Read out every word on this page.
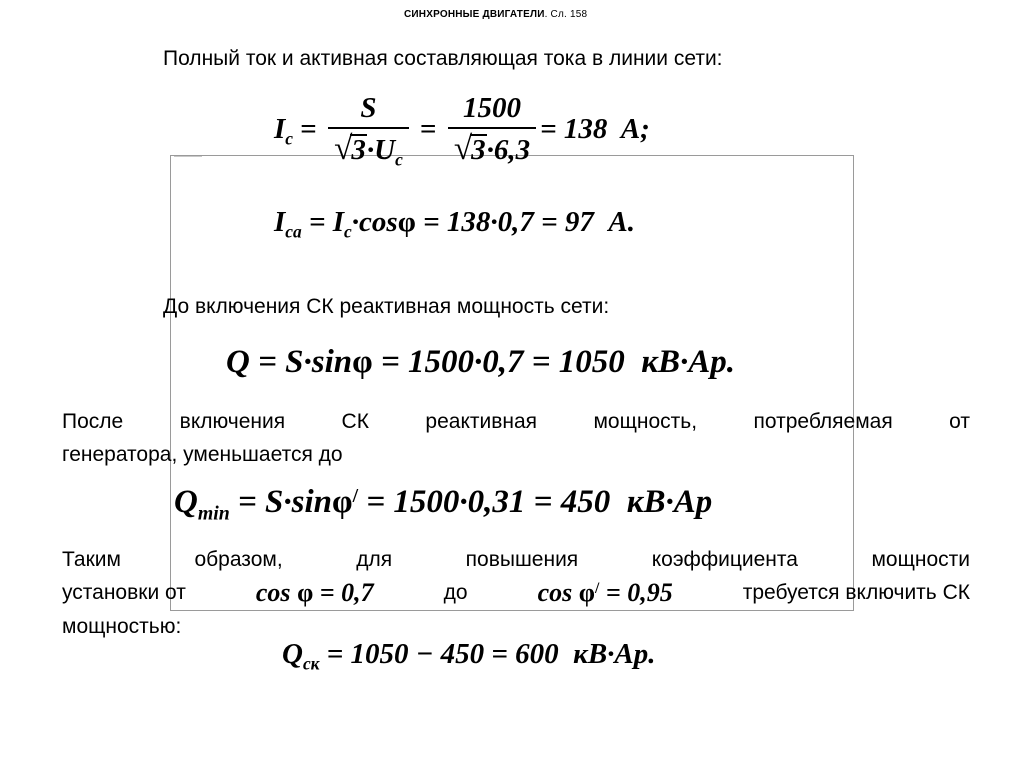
СИНХРОННЫЕ ДВИГАТЕЛИ. Сл. 158
Полный ток и активная составляющая тока в линии сети:
$I_c = \frac{S}{√3\cdot U_c} = \frac{1500}{√3\cdot 6,3} = 138$  A;
$I_{ca} = I_c\cdot\cos\varphi = 138\cdot 0,7 = 97$  A.
До включения СК реактивная мощность сети:
Q = S·sinφ = 1500·0,7 = 1050  кВ·Ар.
После включения СК реактивная мощность, потребляемая от
генератора, уменьшается до
$Q_{min} = S\cdot\sin\varphi^/ = 1500\cdot 0,31 = 450$  кВ·Ар
Таким образом, для повышения коэффициента мощности
установки от	cos φ = 0,7	до	cos φ/ = 0,95	требуется включить СК
мощностью:
$Q_{ск} = 1050 - 450 = 600$  кВ·Ар.
